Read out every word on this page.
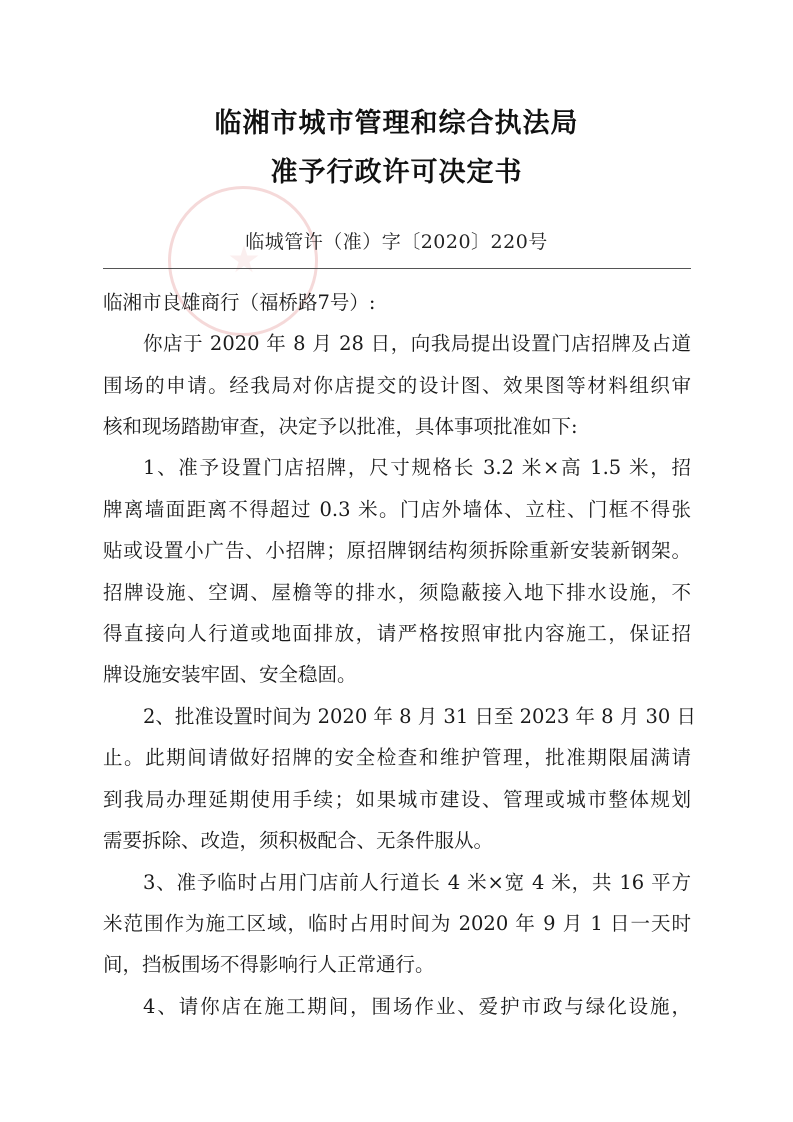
临湘市城市管理和综合执法局
准予行政许可决定书
临城管许（准）字〔2020〕220号
临湘市良雄商行（福桥路7号）:
你店于 2020 年 8 月 28 日，向我局提出设置门店招牌及占道
围场的申请。经我局对你店提交的设计图、效果图等材料组织审
核和现场踏勘审查，决定予以批准，具体事项批准如下:
1、准予设置门店招牌，尺寸规格长 3.2 米×高 1.5 米，招
牌离墙面距离不得超过 0.3 米。门店外墙体、立柱、门框不得张
贴或设置小广告、小招牌；原招牌钢结构须拆除重新安装新钢架。
招牌设施、空调、屋檐等的排水，须隐蔽接入地下排水设施，不
得直接向人行道或地面排放，请严格按照审批内容施工，保证招
牌设施安装牢固、安全稳固。
2、批准设置时间为 2020 年 8 月 31 日至 2023 年 8 月 30 日
止。此期间请做好招牌的安全检查和维护管理，批准期限届满请
到我局办理延期使用手续；如果城市建设、管理或城市整体规划
需要拆除、改造，须积极配合、无条件服从。
3、准予临时占用门店前人行道长 4 米×宽 4 米，共 16 平方
米范围作为施工区域，临时占用时间为 2020 年 9 月 1 日一天时
间，挡板围场不得影响行人正常通行。
4、请你店在施工期间，围场作业、爱护市政与绿化设施，
